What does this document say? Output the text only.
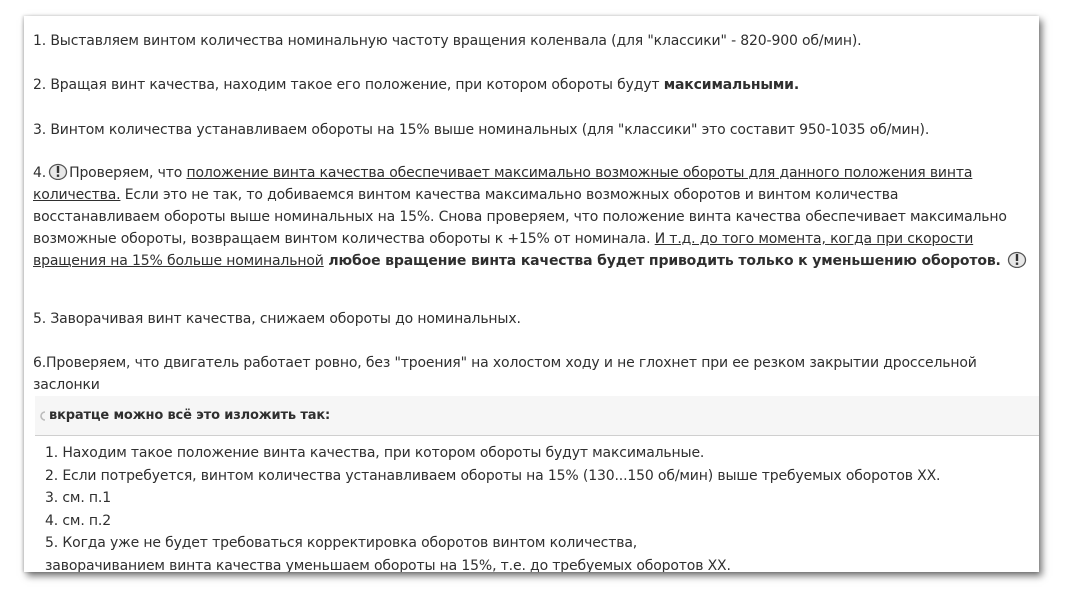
1. Выставляем винтом количества номинальную частоту вращения коленвала (для "классики" - 820-900 об/мин).

2. Вращая винт качества, находим такое его положение, при котором обороты будут максимальными.

3. Винтом количества устанавливаем обороты на 15% выше номинальных (для "классики" это составит 950-1035 об/мин).

4. Проверяем, что положение винта качества обеспечивает максимально возможные обороты для данного положения винта количества. Если это не так, то добиваемся винтом качества максимально возможных оборотов и винтом количества восстанавливаем обороты выше номинальных на 15%. Снова проверяем, что положение винта качества обеспечивает максимально возможные обороты, возвращаем винтом количества обороты к +15% от номинала. И т.д. до того момента, когда при скорости вращения на 15% больше номинальной любое вращение винта качества будет приводить только к уменьшению оборотов.

5. Заворачивая винт качества, снижаем обороты до номинальных.

6.Проверяем, что двигатель работает ровно, без "троения" на холостом ходу и не глохнет при ее резком закрытии дроссельной заслонки

вкратце можно всё это изложить так:

1. Находим такое положение винта качества, при котором обороты будут максимальные.

2. Если потребуется, винтом количества устанавливаем обороты на 15% (130...150 об/мин) выше требуемых оборотов ХХ.

3. см. п.1

4. см. п.2

5. Когда уже не будет требоваться корректировка оборотов винтом количества,

заворачиванием винта качества уменьшаем обороты на 15%, т.е. до требуемых оборотов ХХ.
